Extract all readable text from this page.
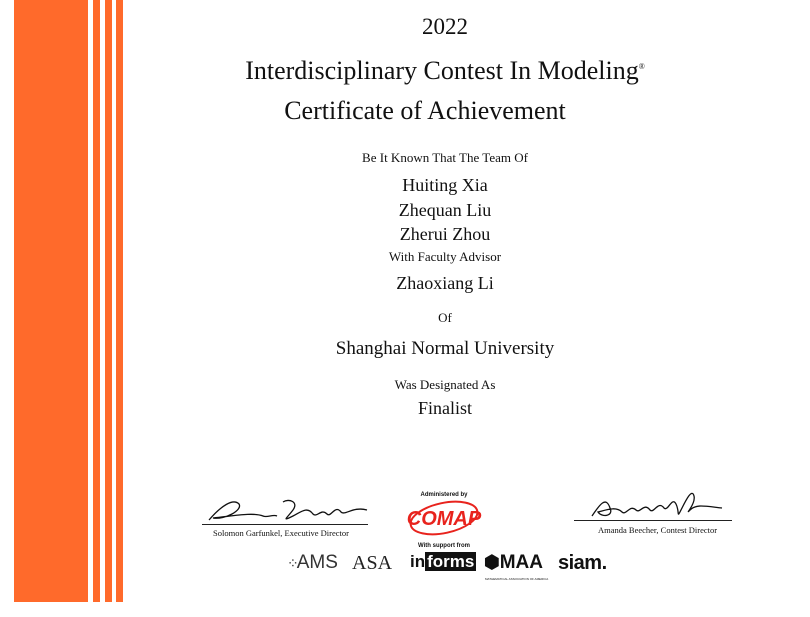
2022
Interdisciplinary Contest In Modeling®
Certificate of Achievement
Be It Known That The Team Of
Huiting Xia
Zhequan Liu
Zherui Zhou
With Faculty Advisor
Zhaoxiang Li
Of
Shanghai Normal University
Was Designated As
Finalist
Solomon Garfunkel, Executive Director
Administered by
COMAP
With support from
Amanda Beecher, Contest Director
⁘AMS ASA in forms ⬢MAA
MATHEMATICAL ASSOCIATION OF AMERICA
siam.
